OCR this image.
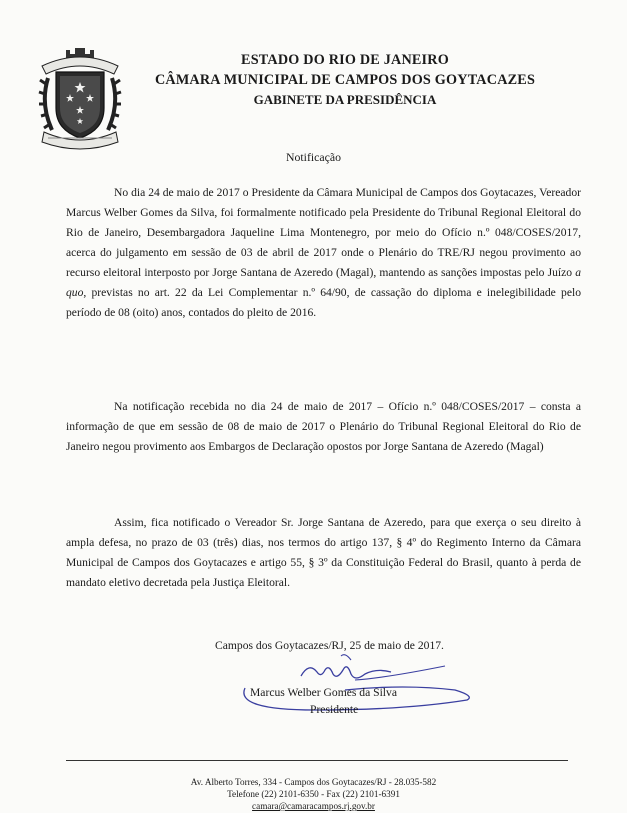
ESTADO DO RIO DE JANEIRO
CÂMARA MUNICIPAL DE CAMPOS DOS GOYTACAZES
GABINETE DA PRESIDÊNCIA
Notificação

No dia 24 de maio de 2017 o Presidente da Câmara Municipal de Campos dos Goytacazes, Vereador Marcus Welber Gomes da Silva, foi formalmente notificado pela Presidente do Tribunal Regional Eleitoral do Rio de Janeiro, Desembargadora Jaqueline Lima Montenegro, por meio do Ofício n.º 048/COSES/2017, acerca do julgamento em sessão de 03 de abril de 2017 onde o Plenário do TRE/RJ negou provimento ao recurso eleitoral interposto por Jorge Santana de Azeredo (Magal), mantendo as sanções impostas pelo Juízo a quo, previstas no art. 22 da Lei Complementar n.º 64/90, de cassação do diploma e inelegibilidade pelo período de 08 (oito) anos, contados do pleito de 2016.

Na notificação recebida no dia 24 de maio de 2017 – Ofício n.º 048/COSES/2017 – consta a informação de que em sessão de 08 de maio de 2017 o Plenário do Tribunal Regional Eleitoral do Rio de Janeiro negou provimento aos Embargos de Declaração opostos por Jorge Santana de Azeredo (Magal)

Assim, fica notificado o Vereador Sr. Jorge Santana de Azeredo, para que exerça o seu direito à ampla defesa, no prazo de 03 (três) dias, nos termos do artigo 137, § 4º do Regimento Interno da Câmara Municipal de Campos dos Goytacazes e artigo 55, § 3º da Constituição Federal do Brasil, quanto à perda de mandato eletivo decretada pela Justiça Eleitoral.

Campos dos Goytacazes/RJ, 25 de maio de 2017.
Marcus Welber Gomes da Silva
Presidente
Av. Alberto Torres, 334 - Campos dos Goytacazes/RJ - 28.035-582
Telefone (22) 2101-6350 - Fax (22) 2101-6391
camara@camaracampos.rj.gov.br
